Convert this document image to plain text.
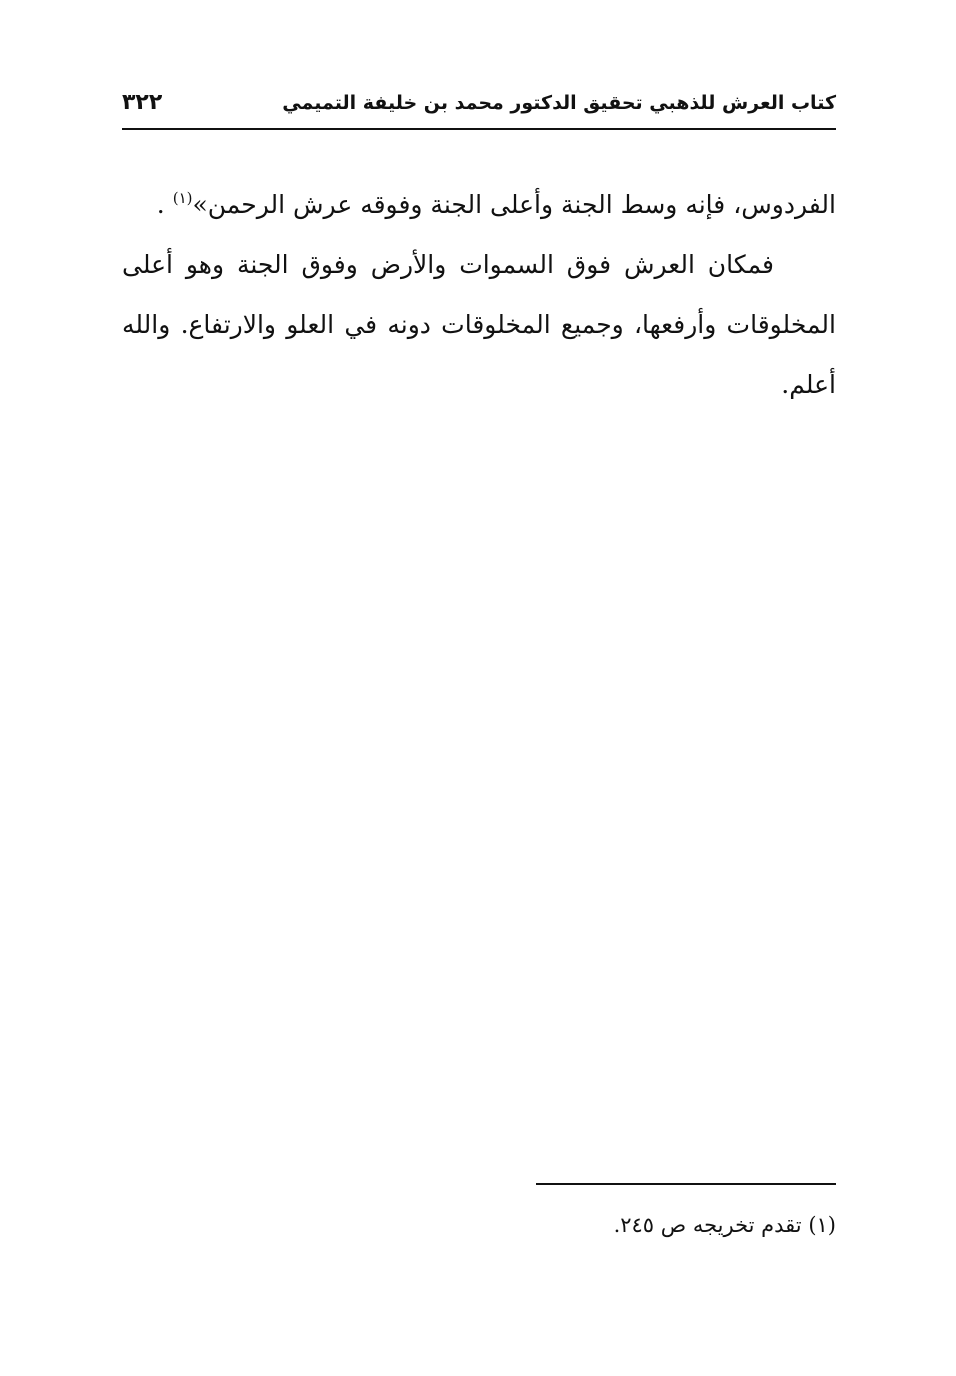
كتاب العرش للذهبي تحقيق الدكتور محمد بن خليفة التميمي
٣٢٢
الفردوس، فإنه وسط الجنة وأعلى الجنة وفوقه عرش الرحمن»$^{(١)}$ .
فمكان العرش فوق السموات والأرض وفوق الجنة وهو أعلى
المخلوقات وأرفعها، وجميع المخلوقات دونه في العلو والارتفاع. والله
أعلم.
(١) تقدم تخريجه ص ٢٤٥.
